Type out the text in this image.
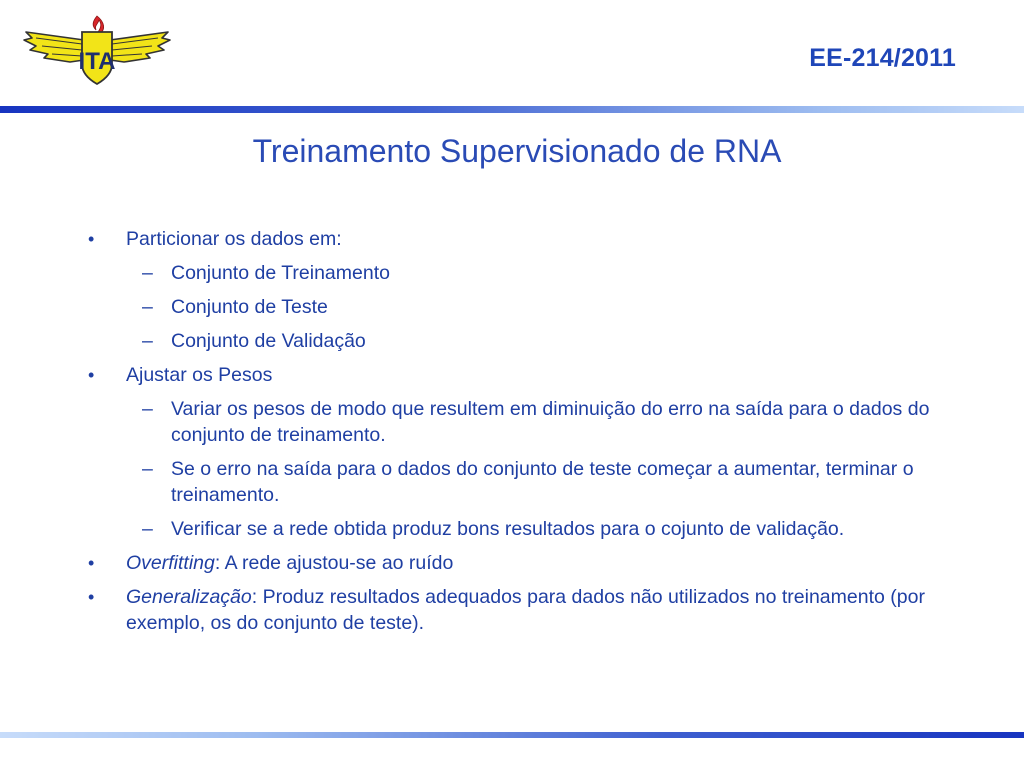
ITA	EE-214/2011
Treinamento Supervisionado de RNA
• Particionar os dados em:
– Conjunto de Treinamento
– Conjunto de Teste
– Conjunto de Validação
• Ajustar os Pesos
– Variar os pesos de modo que resultem em diminuição do erro na saída para o dados do conjunto de treinamento.
– Se o erro na saída para o dados do conjunto de teste começar a aumentar, terminar o treinamento.
– Verificar se a rede obtida produz bons resultados para o cojunto de validação.
• Overfitting: A rede ajustou-se ao ruído
• Generalização: Produz resultados adequados para dados não utilizados no treinamento (por exemplo, os do conjunto de teste).
